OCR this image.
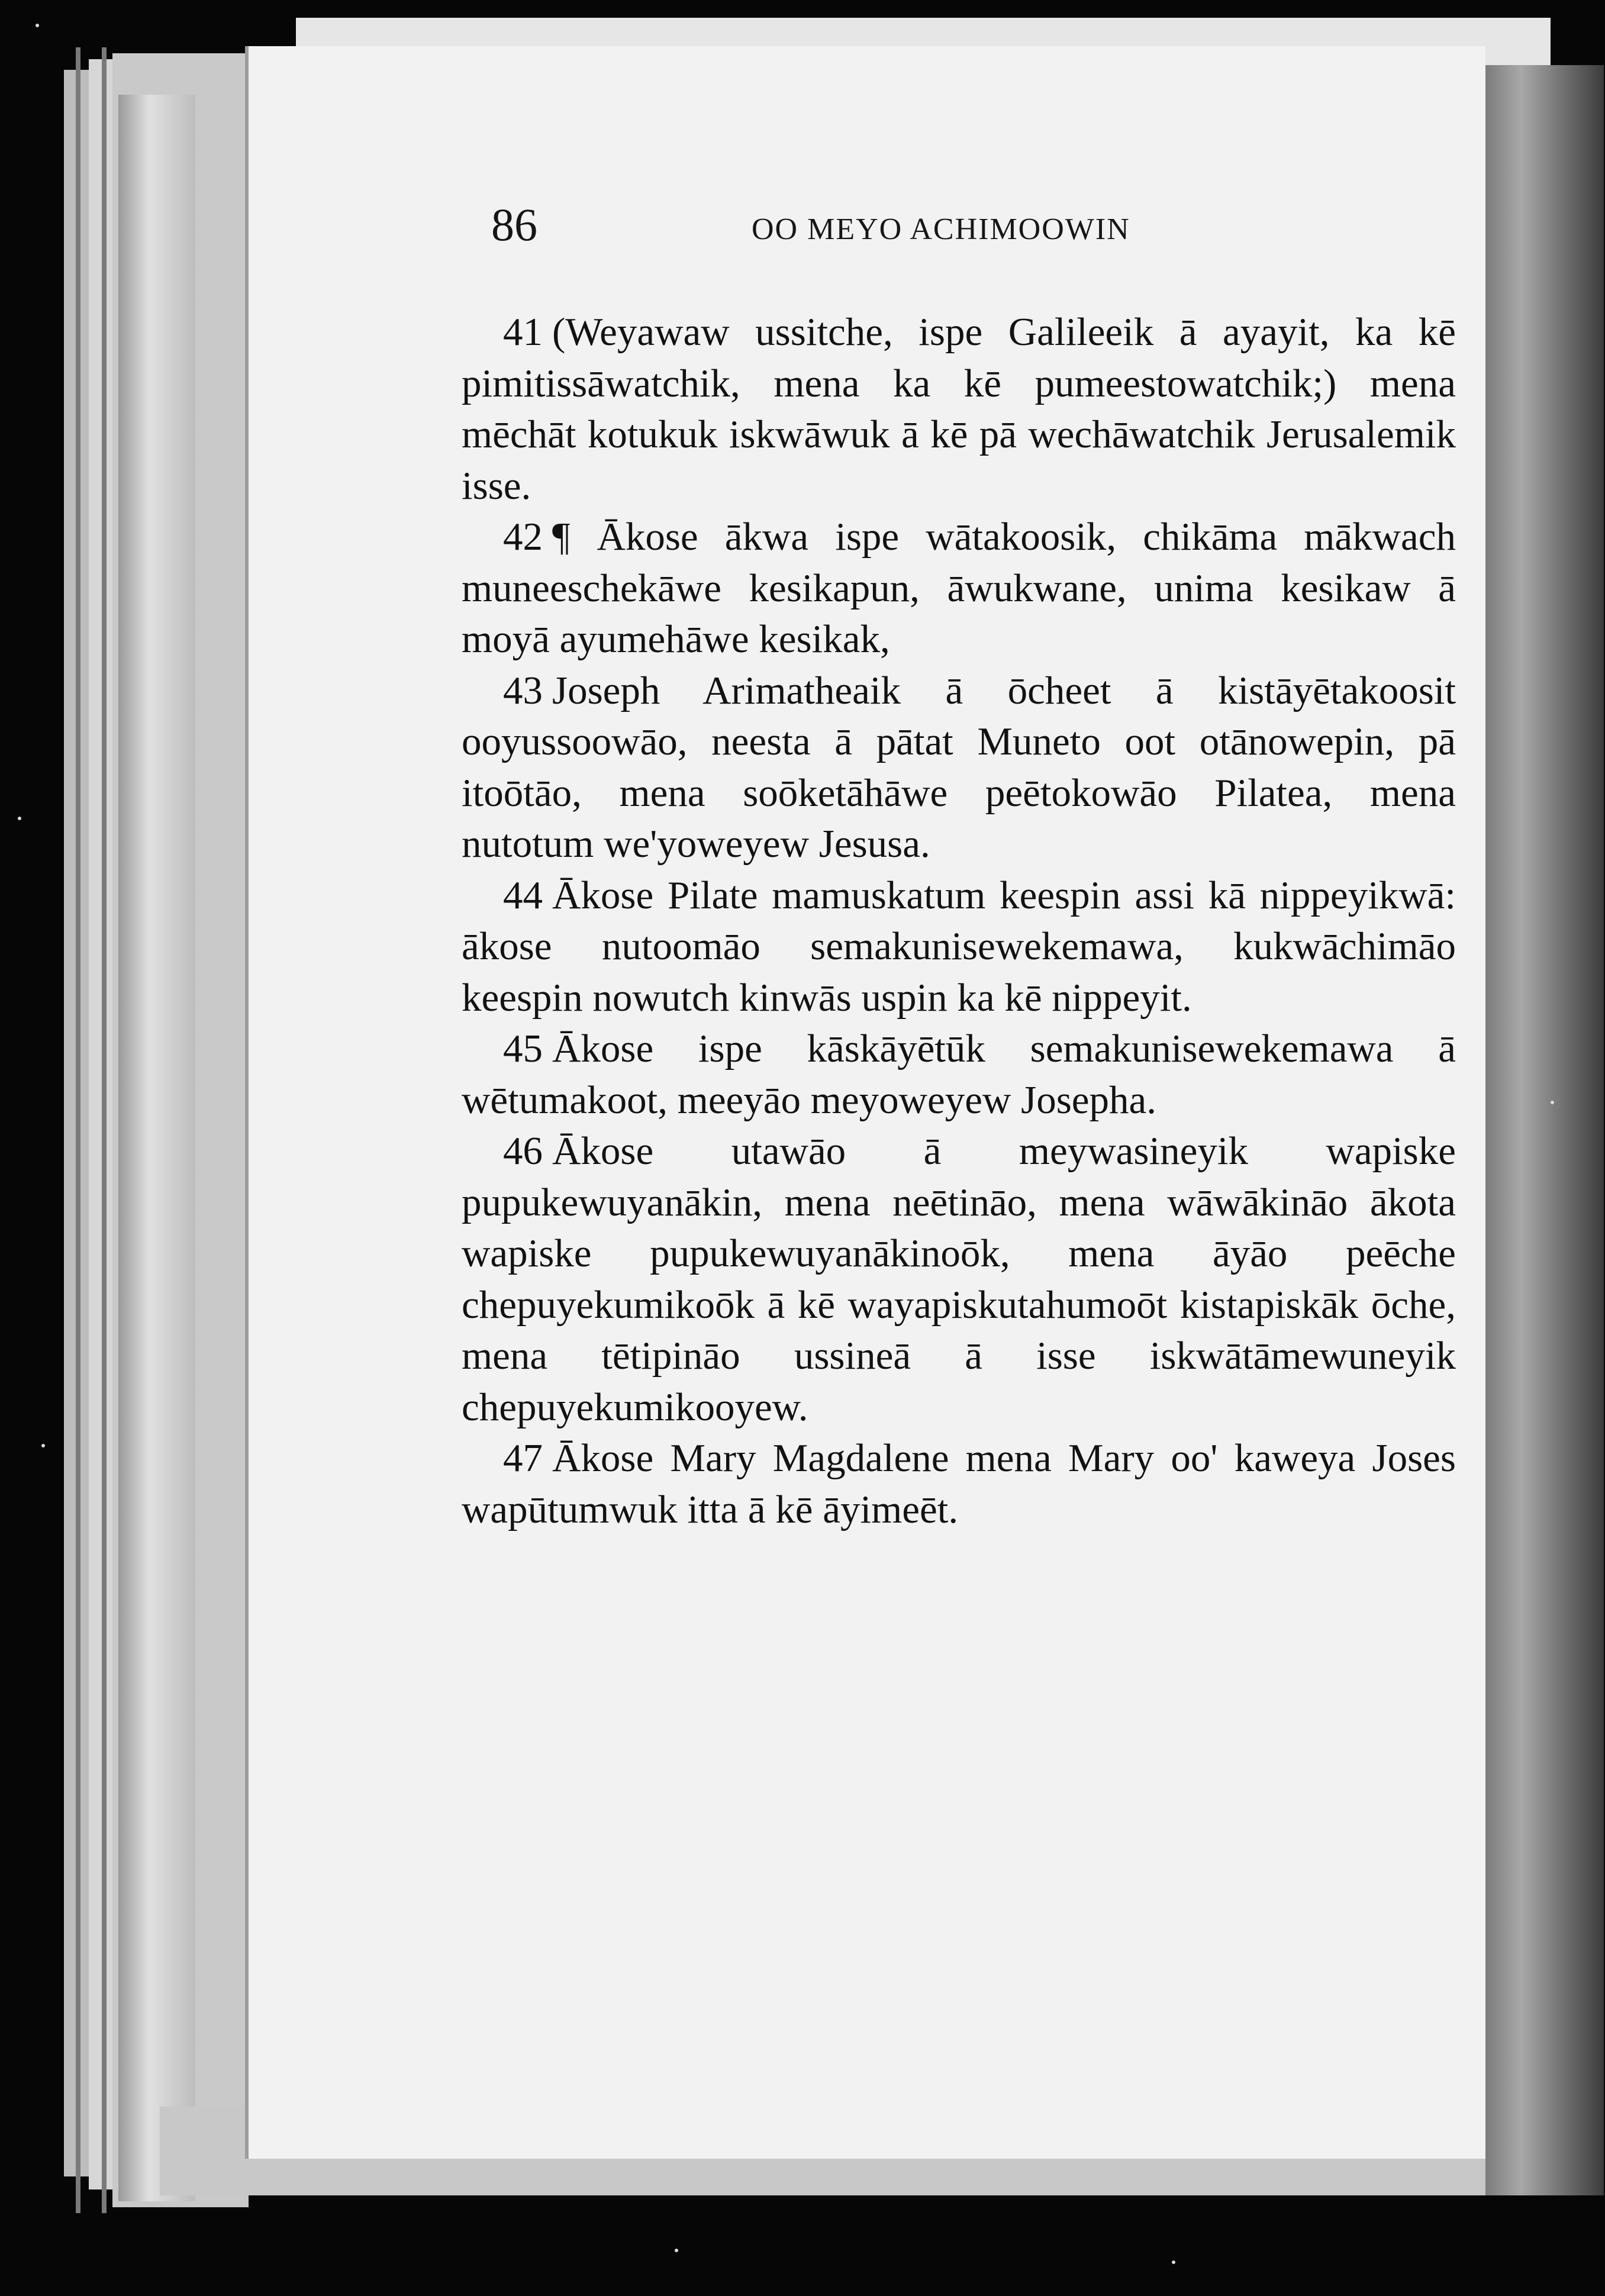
86	OO MEYO ACHIMOOWIN

41 (Weyawaw ussitche, ispe Galileeik ā ayayit, ka kē pimitissāwatchik, mena ka kē pumeestowatchik;) mena mēchāt kotukuk iskwāwuk ā kē pā wechāwatchik Jerusalemik isse.

42 ¶ Ākose ākwa ispe wātakoosik, chikāma mākwach muneeschekāwe kesikapun, āwukwane, unima kesikaw ā moyā ayumehāwe kesikak,

43 Joseph Arimatheaik ā ōcheet ā kistāyētakoosit ooyussoowāo, neesta ā pātat Muneto oot otānowepin, pā itoōtāo, mena soōketāhāwe peētokowāo Pilatea, mena nutotum we'yoweyew Jesusa.

44 Ākose Pilate mamuskatum keespin assi kā nippeyikwā: ākose nutoomāo semakunisewekemawa, kukwāchimāo keespin nowutch kinwās uspin ka kē nippeyit.

45 Ākose ispe kāskāyētūk semakunisewekemawa ā wētumakoot, meeyāo meyoweyew Josepha.

46 Ākose utawāo ā meywasineyik wapiske pupukewuyanākin, mena neētināo, mena wāwākināo ākota wapiske pupukewuyanākinoōk, mena āyāo peēche chepuyekumikoōk ā kē wayapiskutahumoōt kistapiskāk ōche, mena tētipināo ussineā ā isse iskwātāmewuneyik chepuyekumikooyew.

47 Ākose Mary Magdalene mena Mary oo' kaweya Joses wapūtumwuk itta ā kē āyimeēt.
